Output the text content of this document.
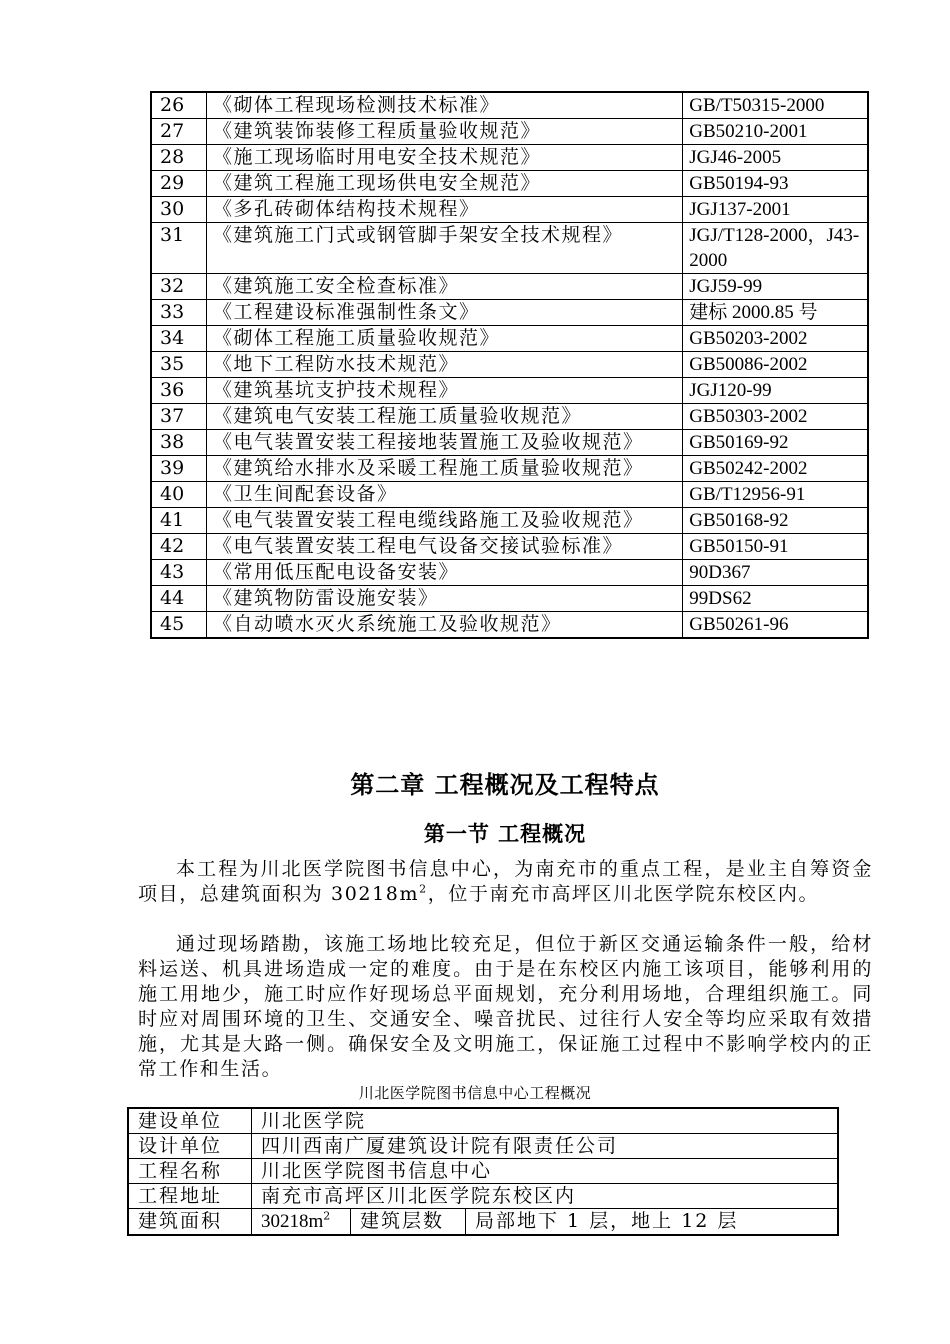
26	《砌体工程现场检测技术标准》	GB/T50315-2000
27	《建筑装饰装修工程质量验收规范》	GB50210-2001
28	《施工现场临时用电安全技术规范》	JGJ46-2005
29	《建筑工程施工现场供电安全规范》	GB50194-93
30	《多孔砖砌体结构技术规程》	JGJ137-2001
31	《建筑施工门式或钢管脚手架安全技术规程》	JGJ/T128-2000，J43-2000
32	《建筑施工安全检查标准》	JGJ59-99
33	《工程建设标准强制性条文》	建标 2000.85 号
34	《砌体工程施工质量验收规范》	GB50203-2002
35	《地下工程防水技术规范》	GB50086-2002
36	《建筑基坑支护技术规程》	JGJ120-99
37	《建筑电气安装工程施工质量验收规范》	GB50303-2002
38	《电气装置安装工程接地装置施工及验收规范》	GB50169-92
39	《建筑给水排水及采暖工程施工质量验收规范》	GB50242-2002
40	《卫生间配套设备》	GB/T12956-91
41	《电气装置安装工程电缆线路施工及验收规范》	GB50168-92
42	《电气装置安装工程电气设备交接试验标准》	GB50150-91
43	《常用低压配电设备安装》	90D367
44	《建筑物防雷设施安装》	99DS62
45	《自动喷水灭火系统施工及验收规范》	GB50261-96
第二章 工程概况及工程特点
第一节 工程概况

本工程为川北医学院图书信息中心，为南充市的重点工程，是业主自筹资金项目，总建筑面积为 $30218m^2$，位于南充市高坪区川北医学院东校区内。

通过现场踏勘，该施工场地比较充足，但位于新区交通运输条件一般，给材料运送、机具进场造成一定的难度。由于是在东校区内施工该项目，能够利用的施工用地少，施工时应作好现场总平面规划，充分利用场地，合理组织施工。同时应对周围环境的卫生、交通安全、噪音扰民、过往行人安全等均应采取有效措施，尤其是大路一侧。确保安全及文明施工，保证施工过程中不影响学校内的正常工作和生活。

川北医学院图书信息中心工程概况
建设单位	川北医学院		
设计单位	四川西南广厦建筑设计院有限责任公司		
工程名称	川北医学院图书信息中心		
工程地址	南充市高坪区川北医学院东校区内		
建筑面积	$30218m^2$	建筑层数	局部地下 1 层，地上 12 层
